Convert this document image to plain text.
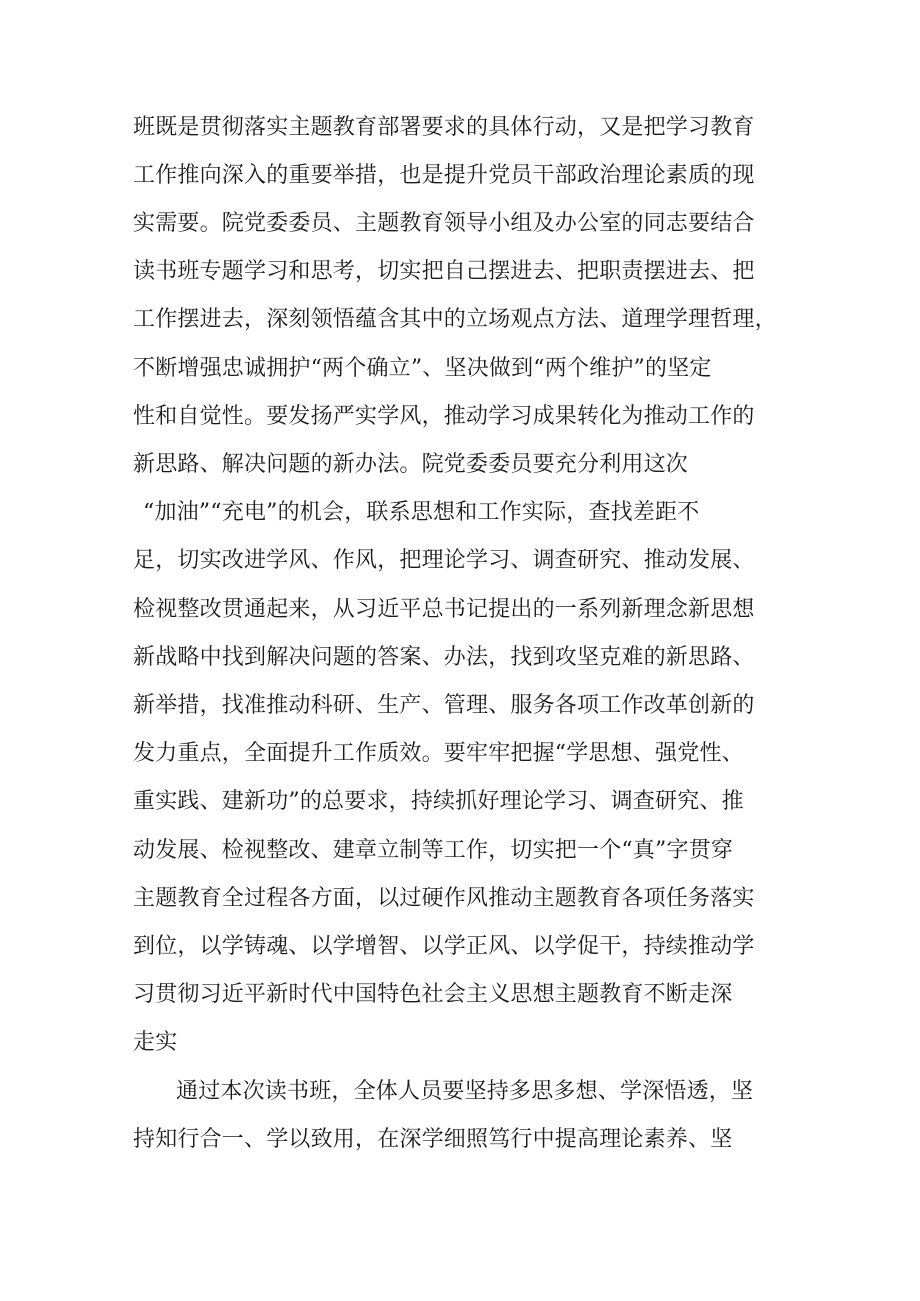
班既是贯彻落实主题教育部署要求的具体行动，又是把学习教育
工作推向深入的重要举措，也是提升党员干部政治理论素质的现
实需要。院党委委员、主题教育领导小组及办公室的同志要结合
读书班专题学习和思考，切实把自己摆进去、把职责摆进去、把
工作摆进去，深刻领悟蕴含其中的立场观点方法、道理学理哲理，
不断增强忠诚拥护“两个确立”、坚决做到“两个维护”的坚定
性和自觉性。要发扬严实学风，推动学习成果转化为推动工作的
新思路、解决问题的新办法。院党委委员要充分利用这次
“加油”“充电”的机会，联系思想和工作实际，查找差距不
足，切实改进学风、作风，把理论学习、调查研究、推动发展、
检视整改贯通起来，从习近平总书记提出的一系列新理念新思想
新战略中找到解决问题的答案、办法，找到攻坚克难的新思路、
新举措，找准推动科研、生产、管理、服务各项工作改革创新的
发力重点，全面提升工作质效。要牢牢把握“学思想、强党性、
重实践、建新功”的总要求，持续抓好理论学习、调查研究、推
动发展、检视整改、建章立制等工作，切实把一个“真”字贯穿
主题教育全过程各方面，以过硬作风推动主题教育各项任务落实
到位，以学铸魂、以学增智、以学正风、以学促干，持续推动学
习贯彻习近平新时代中国特色社会主义思想主题教育不断走深
走实
通过本次读书班，全体人员要坚持多思多想、学深悟透，坚
持知行合一、学以致用，在深学细照笃行中提高理论素养、坚
